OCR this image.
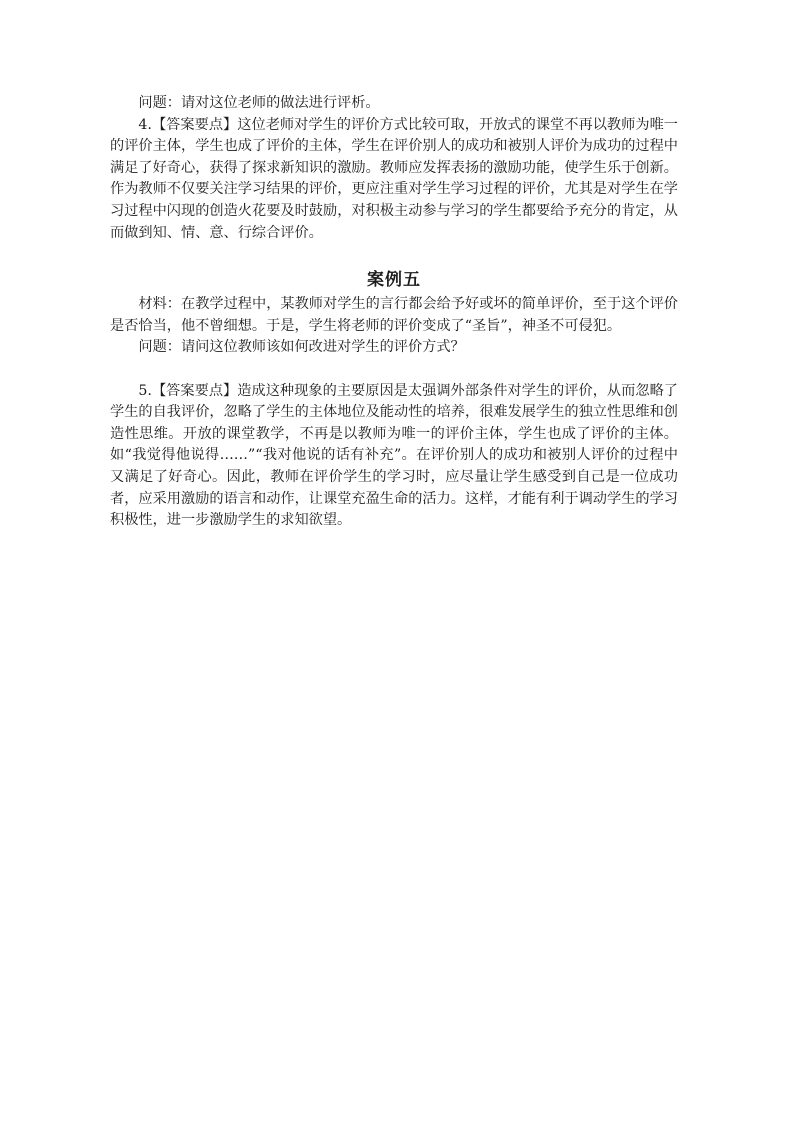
问题：请对这位老师的做法进行评析。

4.【答案要点】这位老师对学生的评价方式比较可取，开放式的课堂不再以教师为唯一的评价主体，学生也成了评价的主体，学生在评价别人的成功和被别人评价为成功的过程中满足了好奇心，获得了探求新知识的激励。教师应发挥表扬的激励功能，使学生乐于创新。作为教师不仅要关注学习结果的评价，更应注重对学生学习过程的评价，尤其是对学生在学习过程中闪现的创造火花要及时鼓励，对积极主动参与学习的学生都要给予充分的肯定，从而做到知、情、意、行综合评价。

案例五

材料：在教学过程中，某教师对学生的言行都会给予好或坏的简单评价，至于这个评价是否恰当，他不曾细想。于是，学生将老师的评价变成了“圣旨”，神圣不可侵犯。

问题：请问这位教师该如何改进对学生的评价方式？

5.【答案要点】造成这种现象的主要原因是太强调外部条件对学生的评价，从而忽略了学生的自我评价，忽略了学生的主体地位及能动性的培养，很难发展学生的独立性思维和创造性思维。开放的课堂教学，不再是以教师为唯一的评价主体，学生也成了评价的主体。如“我觉得他说得……”“我对他说的话有补充”。在评价别人的成功和被别人评价的过程中又满足了好奇心。因此，教师在评价学生的学习时，应尽量让学生感受到自己是一位成功者，应采用激励的语言和动作，让课堂充盈生命的活力。这样，才能有利于调动学生的学习积极性，进一步激励学生的求知欲望。
